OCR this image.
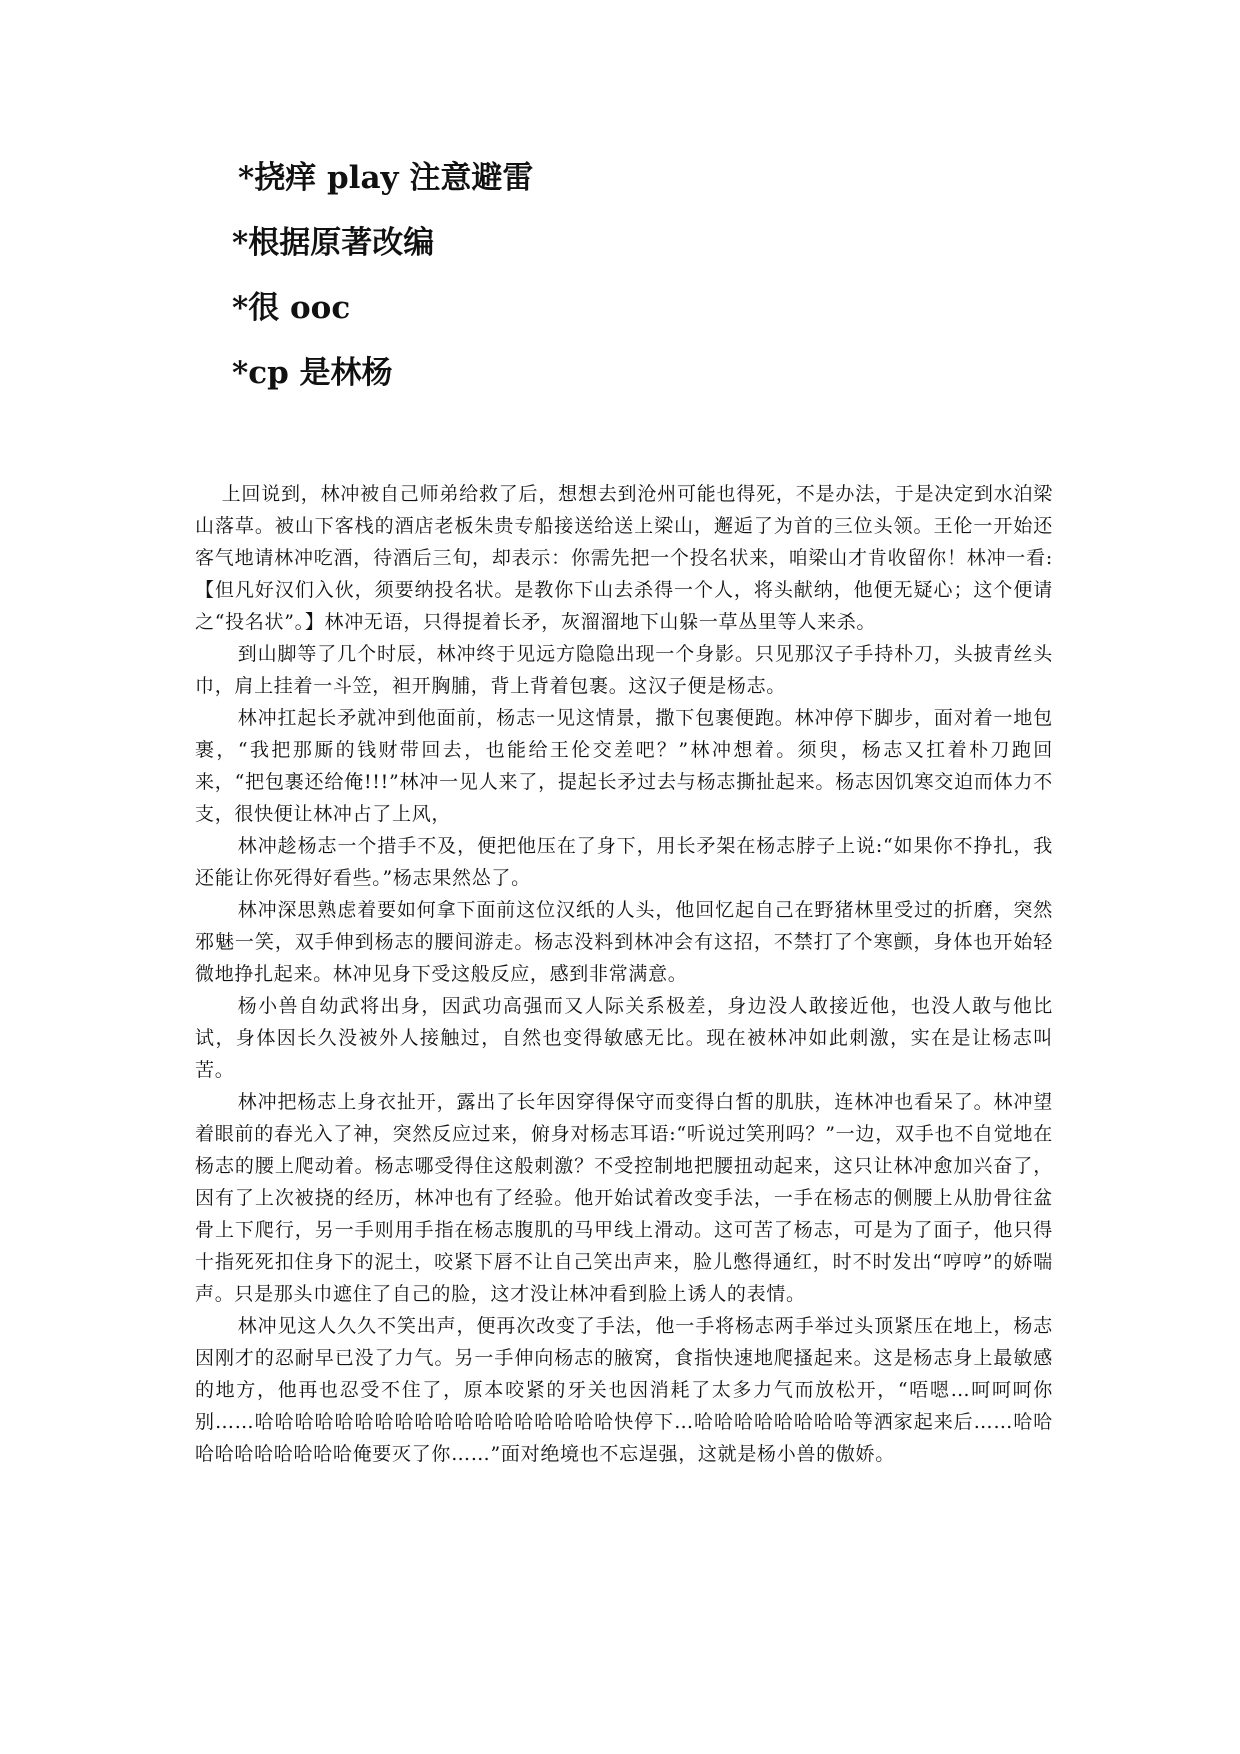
*挠痒 play 注意避雷
*根据原著改编
*很 ooc
*cp 是林杨

上回说到，林冲被自己师弟给救了后，想想去到沧州可能也得死，不是办法，于是决定到水泊梁山落草。被山下客栈的酒店老板朱贵专船接送给送上梁山，邂逅了为首的三位头领。王伦一开始还客气地请林冲吃酒，待酒后三旬，却表示：你需先把一个投名状来，咱梁山才肯收留你！林冲一看:【但凡好汉们入伙，须要纳投名状。是教你下山去杀得一个人，将头献纳，他便无疑心；这个便请之“投名状”。】林冲无语，只得提着长矛，灰溜溜地下山躲一草丛里等人来杀。

到山脚等了几个时辰，林冲终于见远方隐隐出现一个身影。只见那汉子手持朴刀，头披青丝头巾，肩上挂着一斗笠，袒开胸脯，背上背着包裹。这汉子便是杨志。

林冲扛起长矛就冲到他面前，杨志一见这情景，撒下包裹便跑。林冲停下脚步，面对着一地包裹，“我把那厮的钱财带回去，也能给王伦交差吧？”林冲想着。须臾，杨志又扛着朴刀跑回来，“把包裹还给俺!!!”林冲一见人来了，提起长矛过去与杨志撕扯起来。杨志因饥寒交迫而体力不支，很快便让林冲占了上风，

林冲趁杨志一个措手不及，便把他压在了身下，用长矛架在杨志脖子上说:“如果你不挣扎，我还能让你死得好看些。”杨志果然怂了。

林冲深思熟虑着要如何拿下面前这位汉纸的人头，他回忆起自己在野猪林里受过的折磨，突然邪魅一笑，双手伸到杨志的腰间游走。杨志没料到林冲会有这招，不禁打了个寒颤，身体也开始轻微地挣扎起来。林冲见身下受这般反应，感到非常满意。

杨小兽自幼武将出身，因武功高强而又人际关系极差，身边没人敢接近他，也没人敢与他比试，身体因长久没被外人接触过，自然也变得敏感无比。现在被林冲如此刺激，实在是让杨志叫苦。

林冲把杨志上身衣扯开，露出了长年因穿得保守而变得白皙的肌肤，连林冲也看呆了。林冲望着眼前的春光入了神，突然反应过来，俯身对杨志耳语:“听说过笑刑吗？”一边，双手也不自觉地在杨志的腰上爬动着。杨志哪受得住这般刺激？不受控制地把腰扭动起来，这只让林冲愈加兴奋了，因有了上次被挠的经历，林冲也有了经验。他开始试着改变手法，一手在杨志的侧腰上从肋骨往盆骨上下爬行，另一手则用手指在杨志腹肌的马甲线上滑动。这可苦了杨志，可是为了面子，他只得十指死死扣住身下的泥土，咬紧下唇不让自己笑出声来，脸儿憋得通红，时不时发出“哼哼”的娇喘声。只是那头巾遮住了自己的脸，这才没让林冲看到脸上诱人的表情。

林冲见这人久久不笑出声，便再次改变了手法，他一手将杨志两手举过头顶紧压在地上，杨志因刚才的忍耐早已没了力气。另一手伸向杨志的腋窝，食指快速地爬搔起来。这是杨志身上最敏感的地方，他再也忍受不住了，原本咬紧的牙关也因消耗了太多力气而放松开，“唔嗯…呵呵呵你别……哈哈哈哈哈哈哈哈哈哈哈哈哈哈哈哈哈哈快停下…哈哈哈哈哈哈哈哈等洒家起来后……哈哈哈哈哈哈哈哈哈哈俺要灭了你……”面对绝境也不忘逞强，这就是杨小兽的傲娇。
